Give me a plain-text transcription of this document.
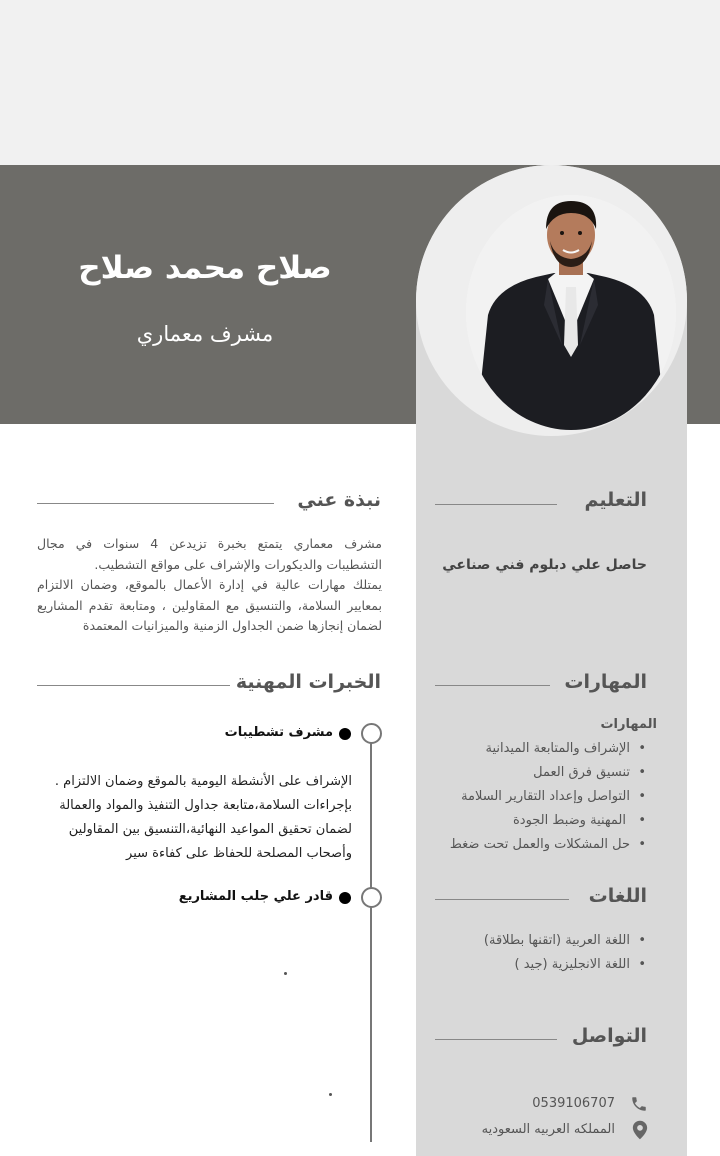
صلاح محمد صلاح
مشرف معماري
التعليم
حاصل علي دبلوم فني صناعي
المهارات
المهارات
• الإشراف والمتابعة الميدانية
• تنسيق فرق العمل
• التواصل وإعداد التقارير السلامة
• المهنية وضبط الجودة
• حل المشكلات والعمل تحت ضغط
اللغات
• اللغة العربية (اتقنها بطلاقة)
• اللغة الانجليزية (جيد )
التواصل
0539106707
المملكه العربيه السعوديه
نبذة عني

مشرف معماري يتمتع بخبرة تزيدعن 4 سنوات في مجال التشطيبات والديكورات والإشراف على مواقع التشطيب.

يمتلك مهارات عالية في إدارة الأعمال بالموقع، وضمان الالتزام بمعايير السلامة، والتنسيق مع المقاولين ، ومتابعة تقدم المشاريع لضمان إنجازها ضمن الجداول الزمنية والميزانيات المعتمدة

الخبرات المهنية
مشرف تشطيبات

الإشراف على الأنشطة اليومية بالموقع وضمان الالتزام .

بإجراءات السلامة،متابعة جداول التنفيذ والمواد والعمالة

لضمان تحقيق المواعيد النهائية،التنسيق بين المقاولين

وأصحاب المصلحة للحفاظ على كفاءة سير

قادر علي جلب المشاريع
